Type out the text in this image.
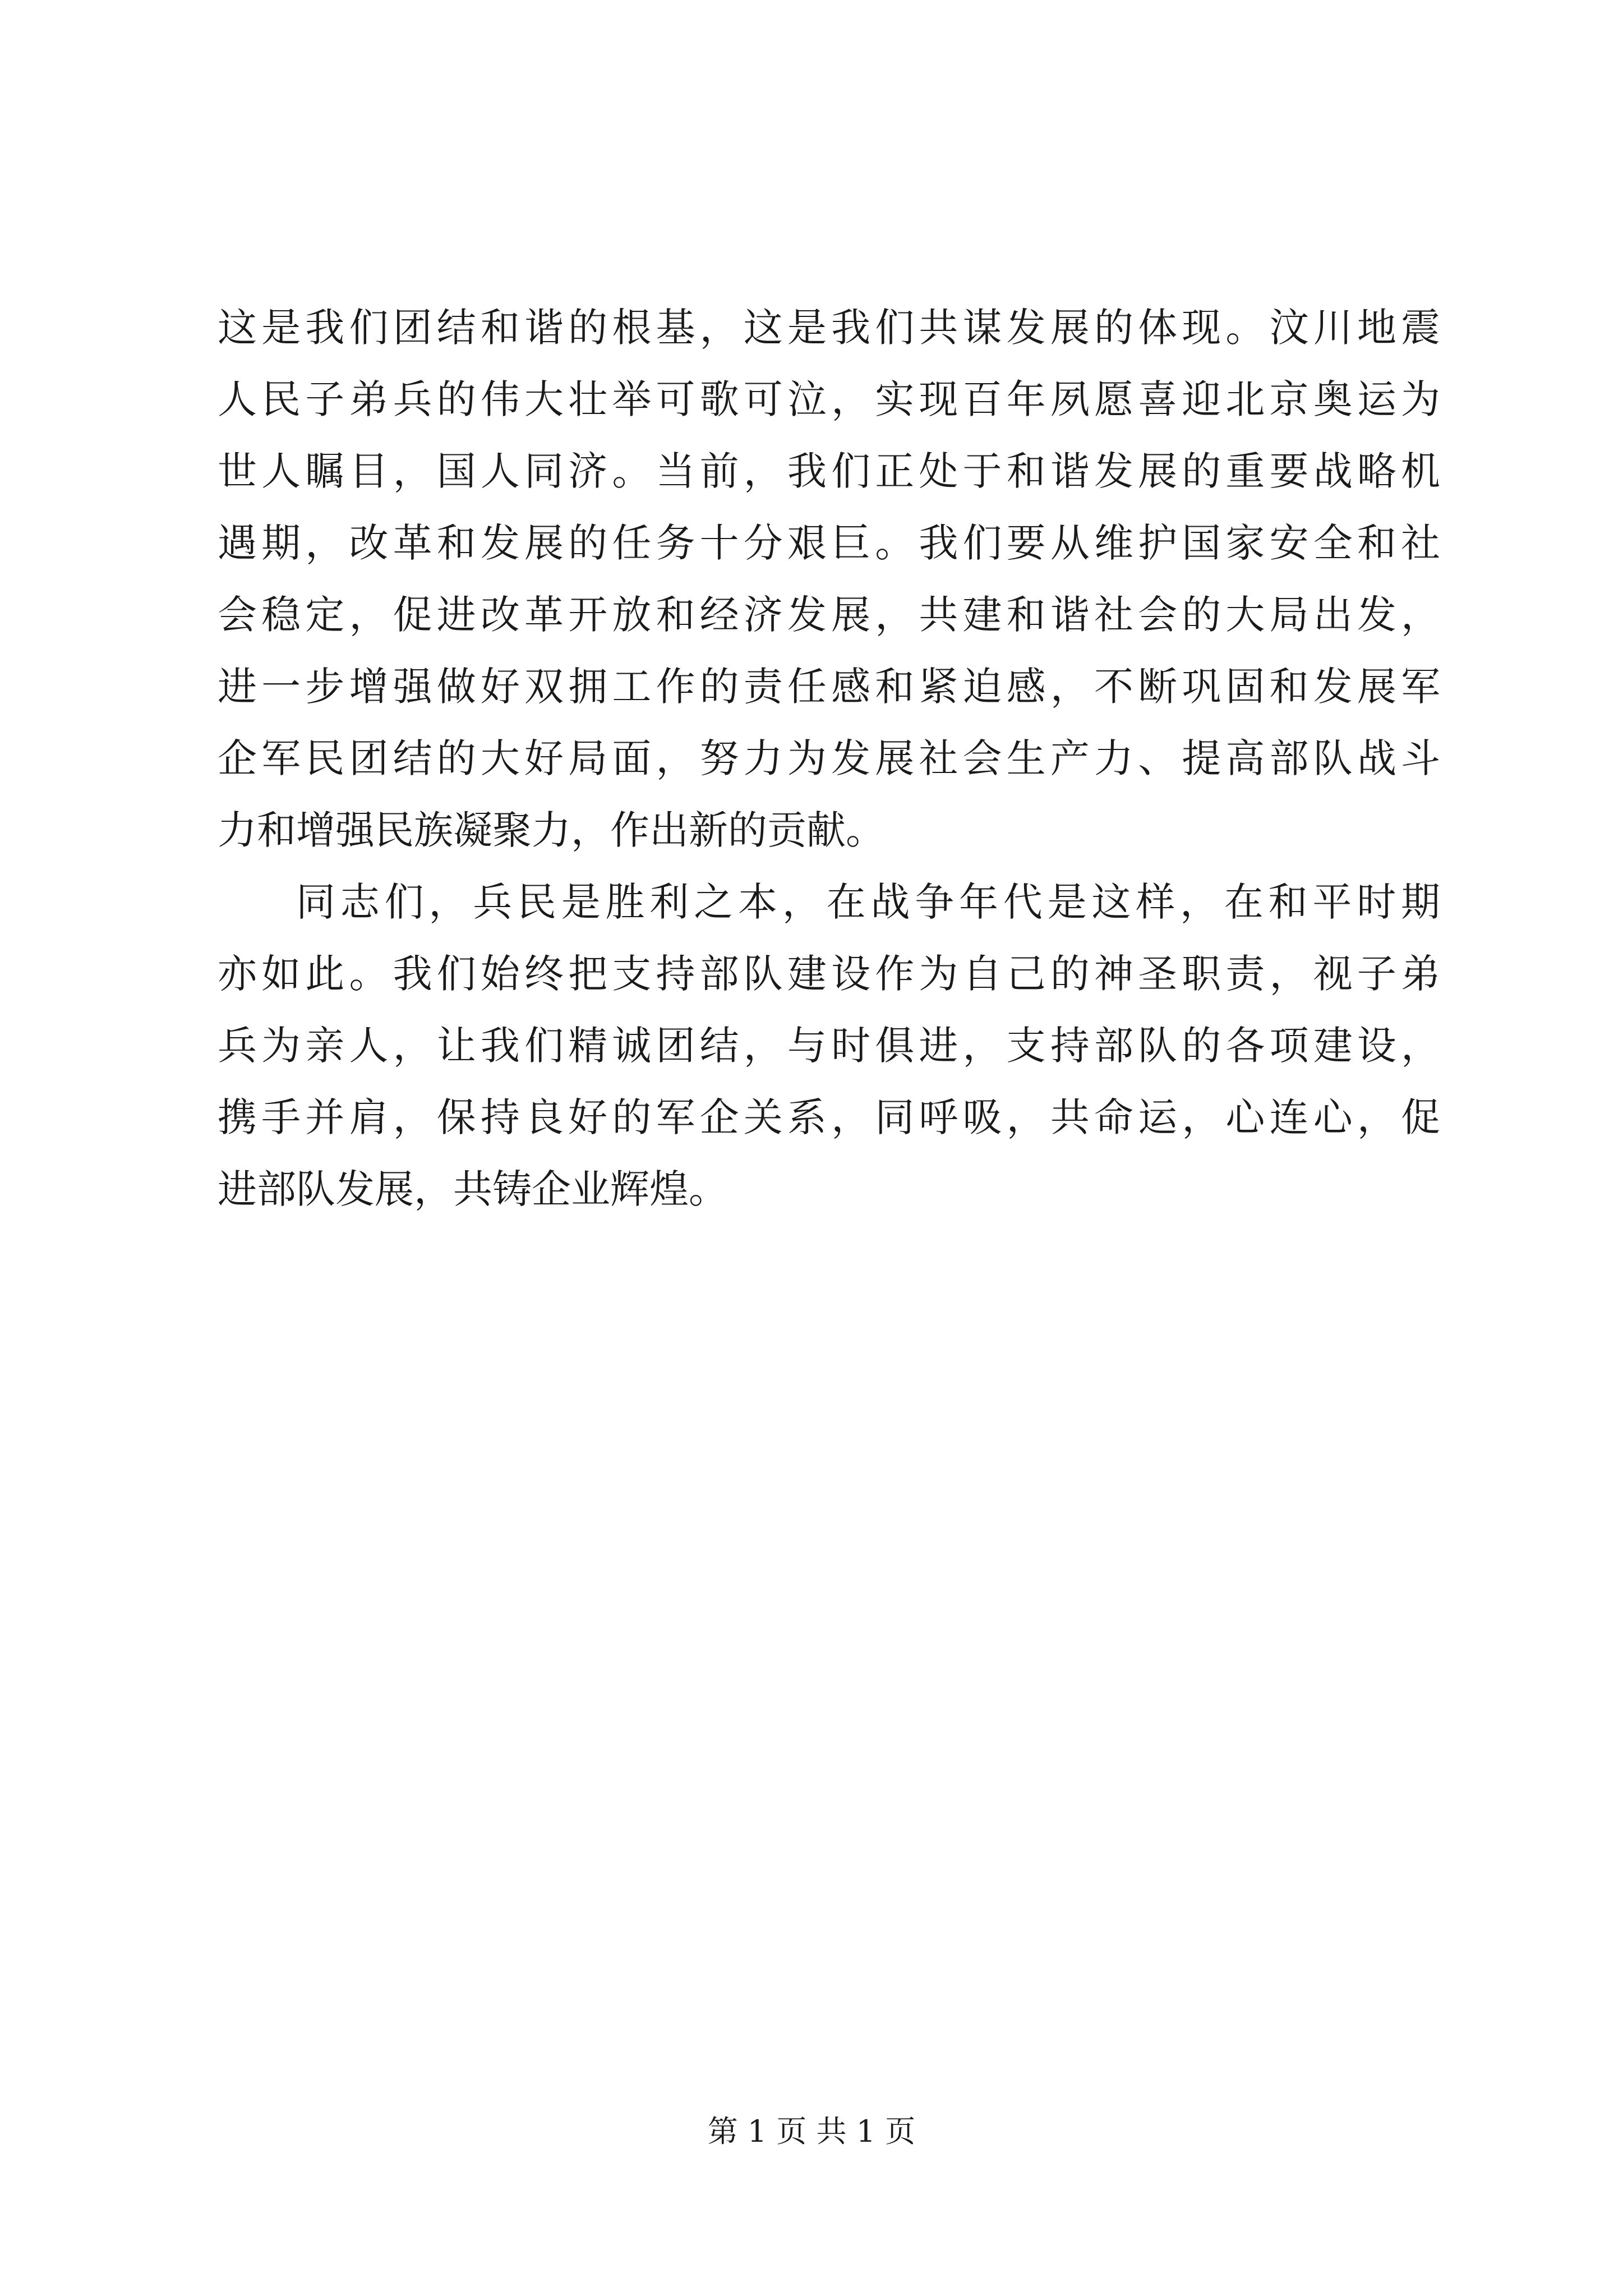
这是我们团结和谐的根基，这是我们共谋发展的体现。汶川地震
人民子弟兵的伟大壮举可歌可泣，实现百年夙愿喜迎北京奥运为
世人瞩目，国人同济。当前，我们正处于和谐发展的重要战略机
遇期，改革和发展的任务十分艰巨。我们要从维护国家安全和社
会稳定，促进改革开放和经济发展，共建和谐社会的大局出发，
进一步增强做好双拥工作的责任感和紧迫感，不断巩固和发展军
企军民团结的大好局面，努力为发展社会生产力、提高部队战斗
力和增强民族凝聚力，作出新的贡献。
同志们，兵民是胜利之本，在战争年代是这样，在和平时期
亦如此。我们始终把支持部队建设作为自己的神圣职责，视子弟
兵为亲人，让我们精诚团结，与时俱进，支持部队的各项建设，
携手并肩，保持良好的军企关系，同呼吸，共命运，心连心，促
进部队发展，共铸企业辉煌。
第 1 页 共 1 页
